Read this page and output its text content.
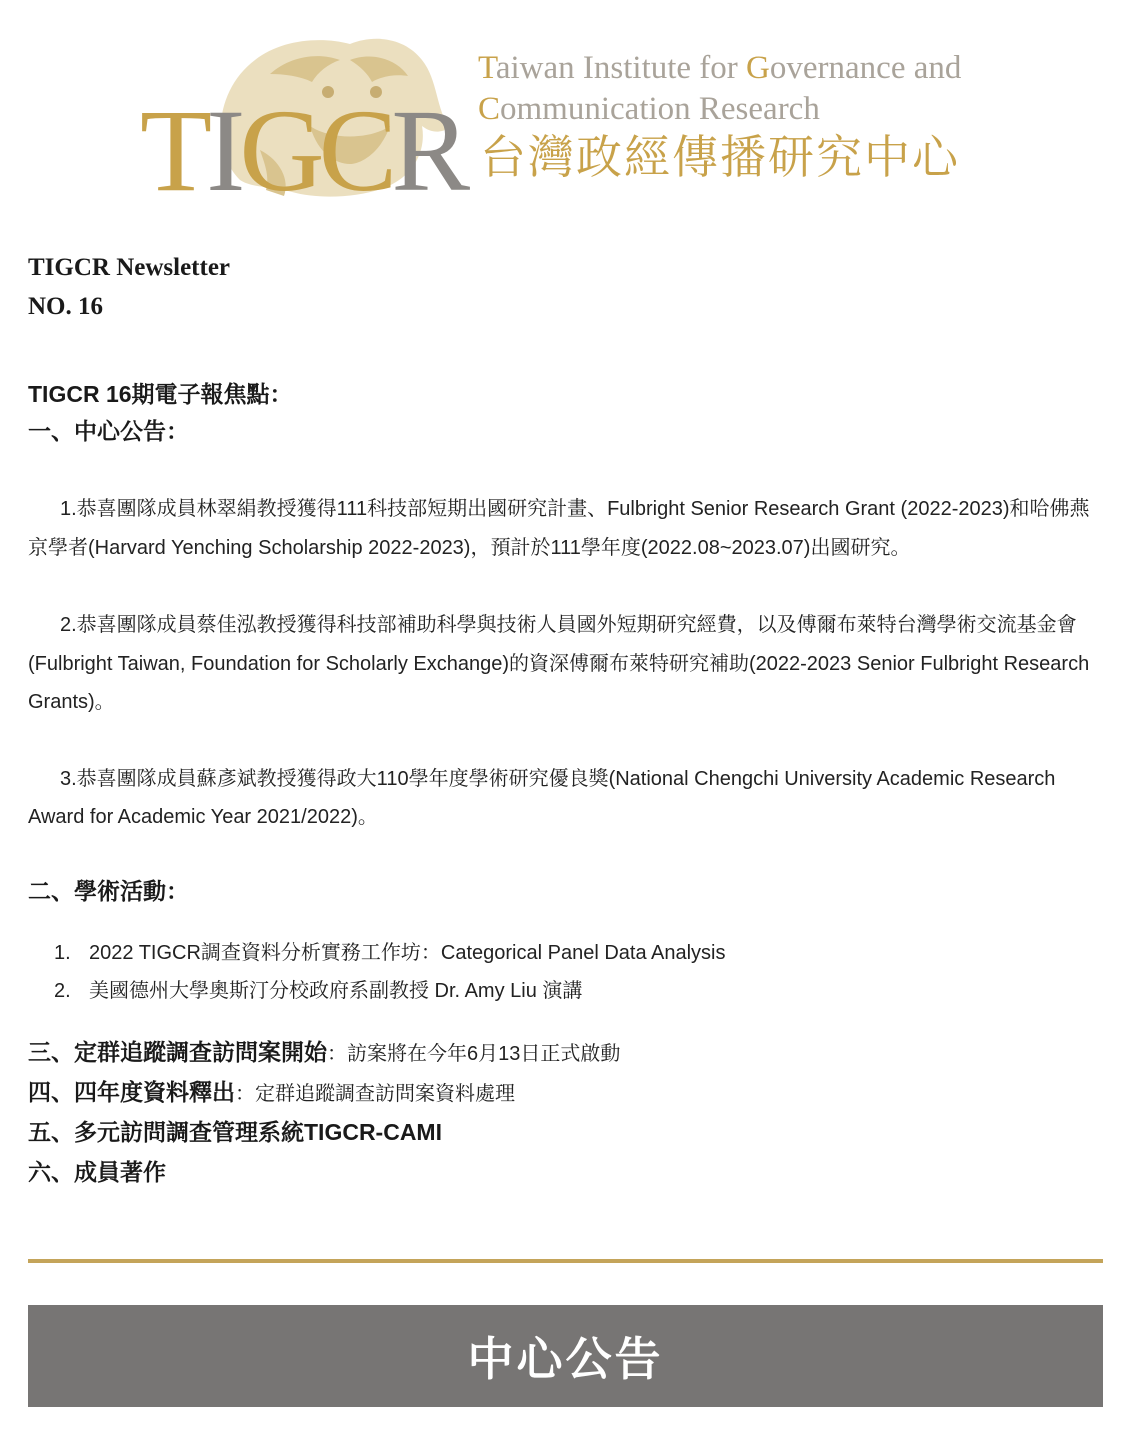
TIGCR
Taiwan Institute for Governance and
Communication Research
台灣政經傳播研究中心
TIGCR Newsletter
NO. 16
TIGCR 16期電子報焦點：
一、中心公告：

1.恭喜團隊成員林翠絹教授獲得111科技部短期出國研究計畫、Fulbright Senior Research Grant (2022-2023)和哈佛燕京學者(Harvard Yenching Scholarship 2022-2023)，預計於111學年度(2022.08~2023.07)出國研究。

2.恭喜團隊成員蔡佳泓教授獲得科技部補助科學與技術人員國外短期研究經費，以及傅爾布萊特台灣學術交流基金會(Fulbright Taiwan, Foundation for Scholarly Exchange)的資深傅爾布萊特研究補助(2022-2023 Senior Fulbright Research Grants)。

3.恭喜團隊成員蘇彥斌教授獲得政大110學年度學術研究優良獎(National Chengchi University Academic Research Award for Academic Year 2021/2022)。

二、學術活動：
1. 2022 TIGCR調查資料分析實務工作坊：Categorical Panel Data Analysis
2. 美國德州大學奧斯汀分校政府系副教授 Dr. Amy Liu 演講
三、定群追蹤調查訪問案開始：訪案將在今年6月13日正式啟動
四、四年度資料釋出：定群追蹤調查訪問案資料處理
五、多元訪問調查管理系統TIGCR-CAMI
六、成員著作
中心公告
